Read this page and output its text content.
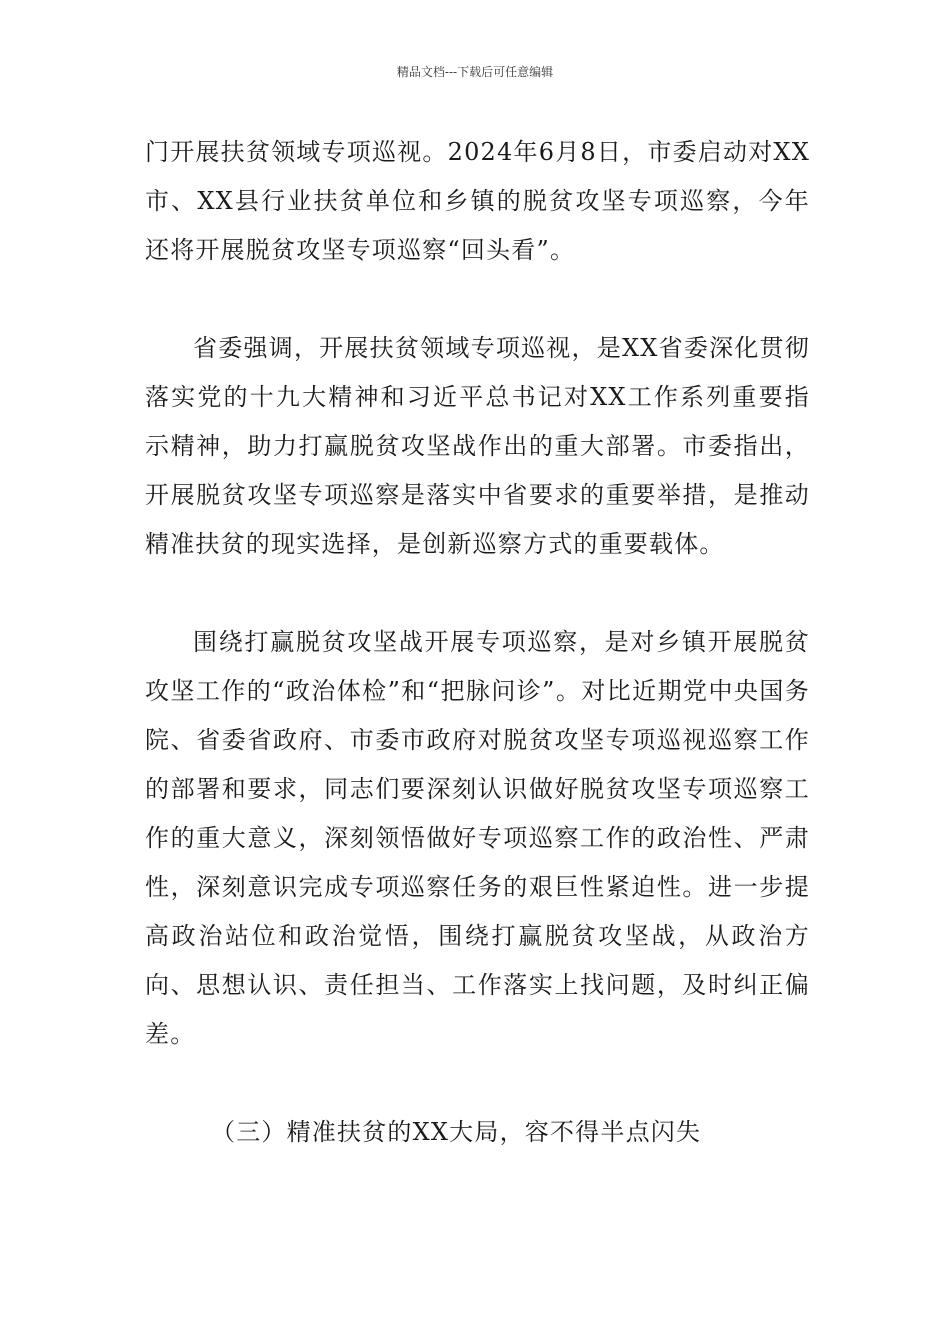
精品文档---下载后可任意编辑

门开展扶贫领域专项巡视。2024年6月8日，市委启动对XX市、XX县行业扶贫单位和乡镇的脱贫攻坚专项巡察，今年还将开展脱贫攻坚专项巡察“回头看”。

省委强调，开展扶贫领域专项巡视，是XX省委深化贯彻落实党的十九大精神和习近平总书记对XX工作系列重要指示精神，助力打赢脱贫攻坚战作出的重大部署。市委指出，开展脱贫攻坚专项巡察是落实中省要求的重要举措，是推动精准扶贫的现实选择，是创新巡察方式的重要载体。

围绕打赢脱贫攻坚战开展专项巡察，是对乡镇开展脱贫攻坚工作的“政治体检”和“把脉问诊”。对比近期党中央国务院、省委省政府、市委市政府对脱贫攻坚专项巡视巡察工作的部署和要求，同志们要深刻认识做好脱贫攻坚专项巡察工作的重大意义，深刻领悟做好专项巡察工作的政治性、严肃性，深刻意识完成专项巡察任务的艰巨性紧迫性。进一步提高政治站位和政治觉悟，围绕打赢脱贫攻坚战，从政治方向、思想认识、责任担当、工作落实上找问题，及时纠正偏差。

（三）精准扶贫的XX大局，容不得半点闪失
